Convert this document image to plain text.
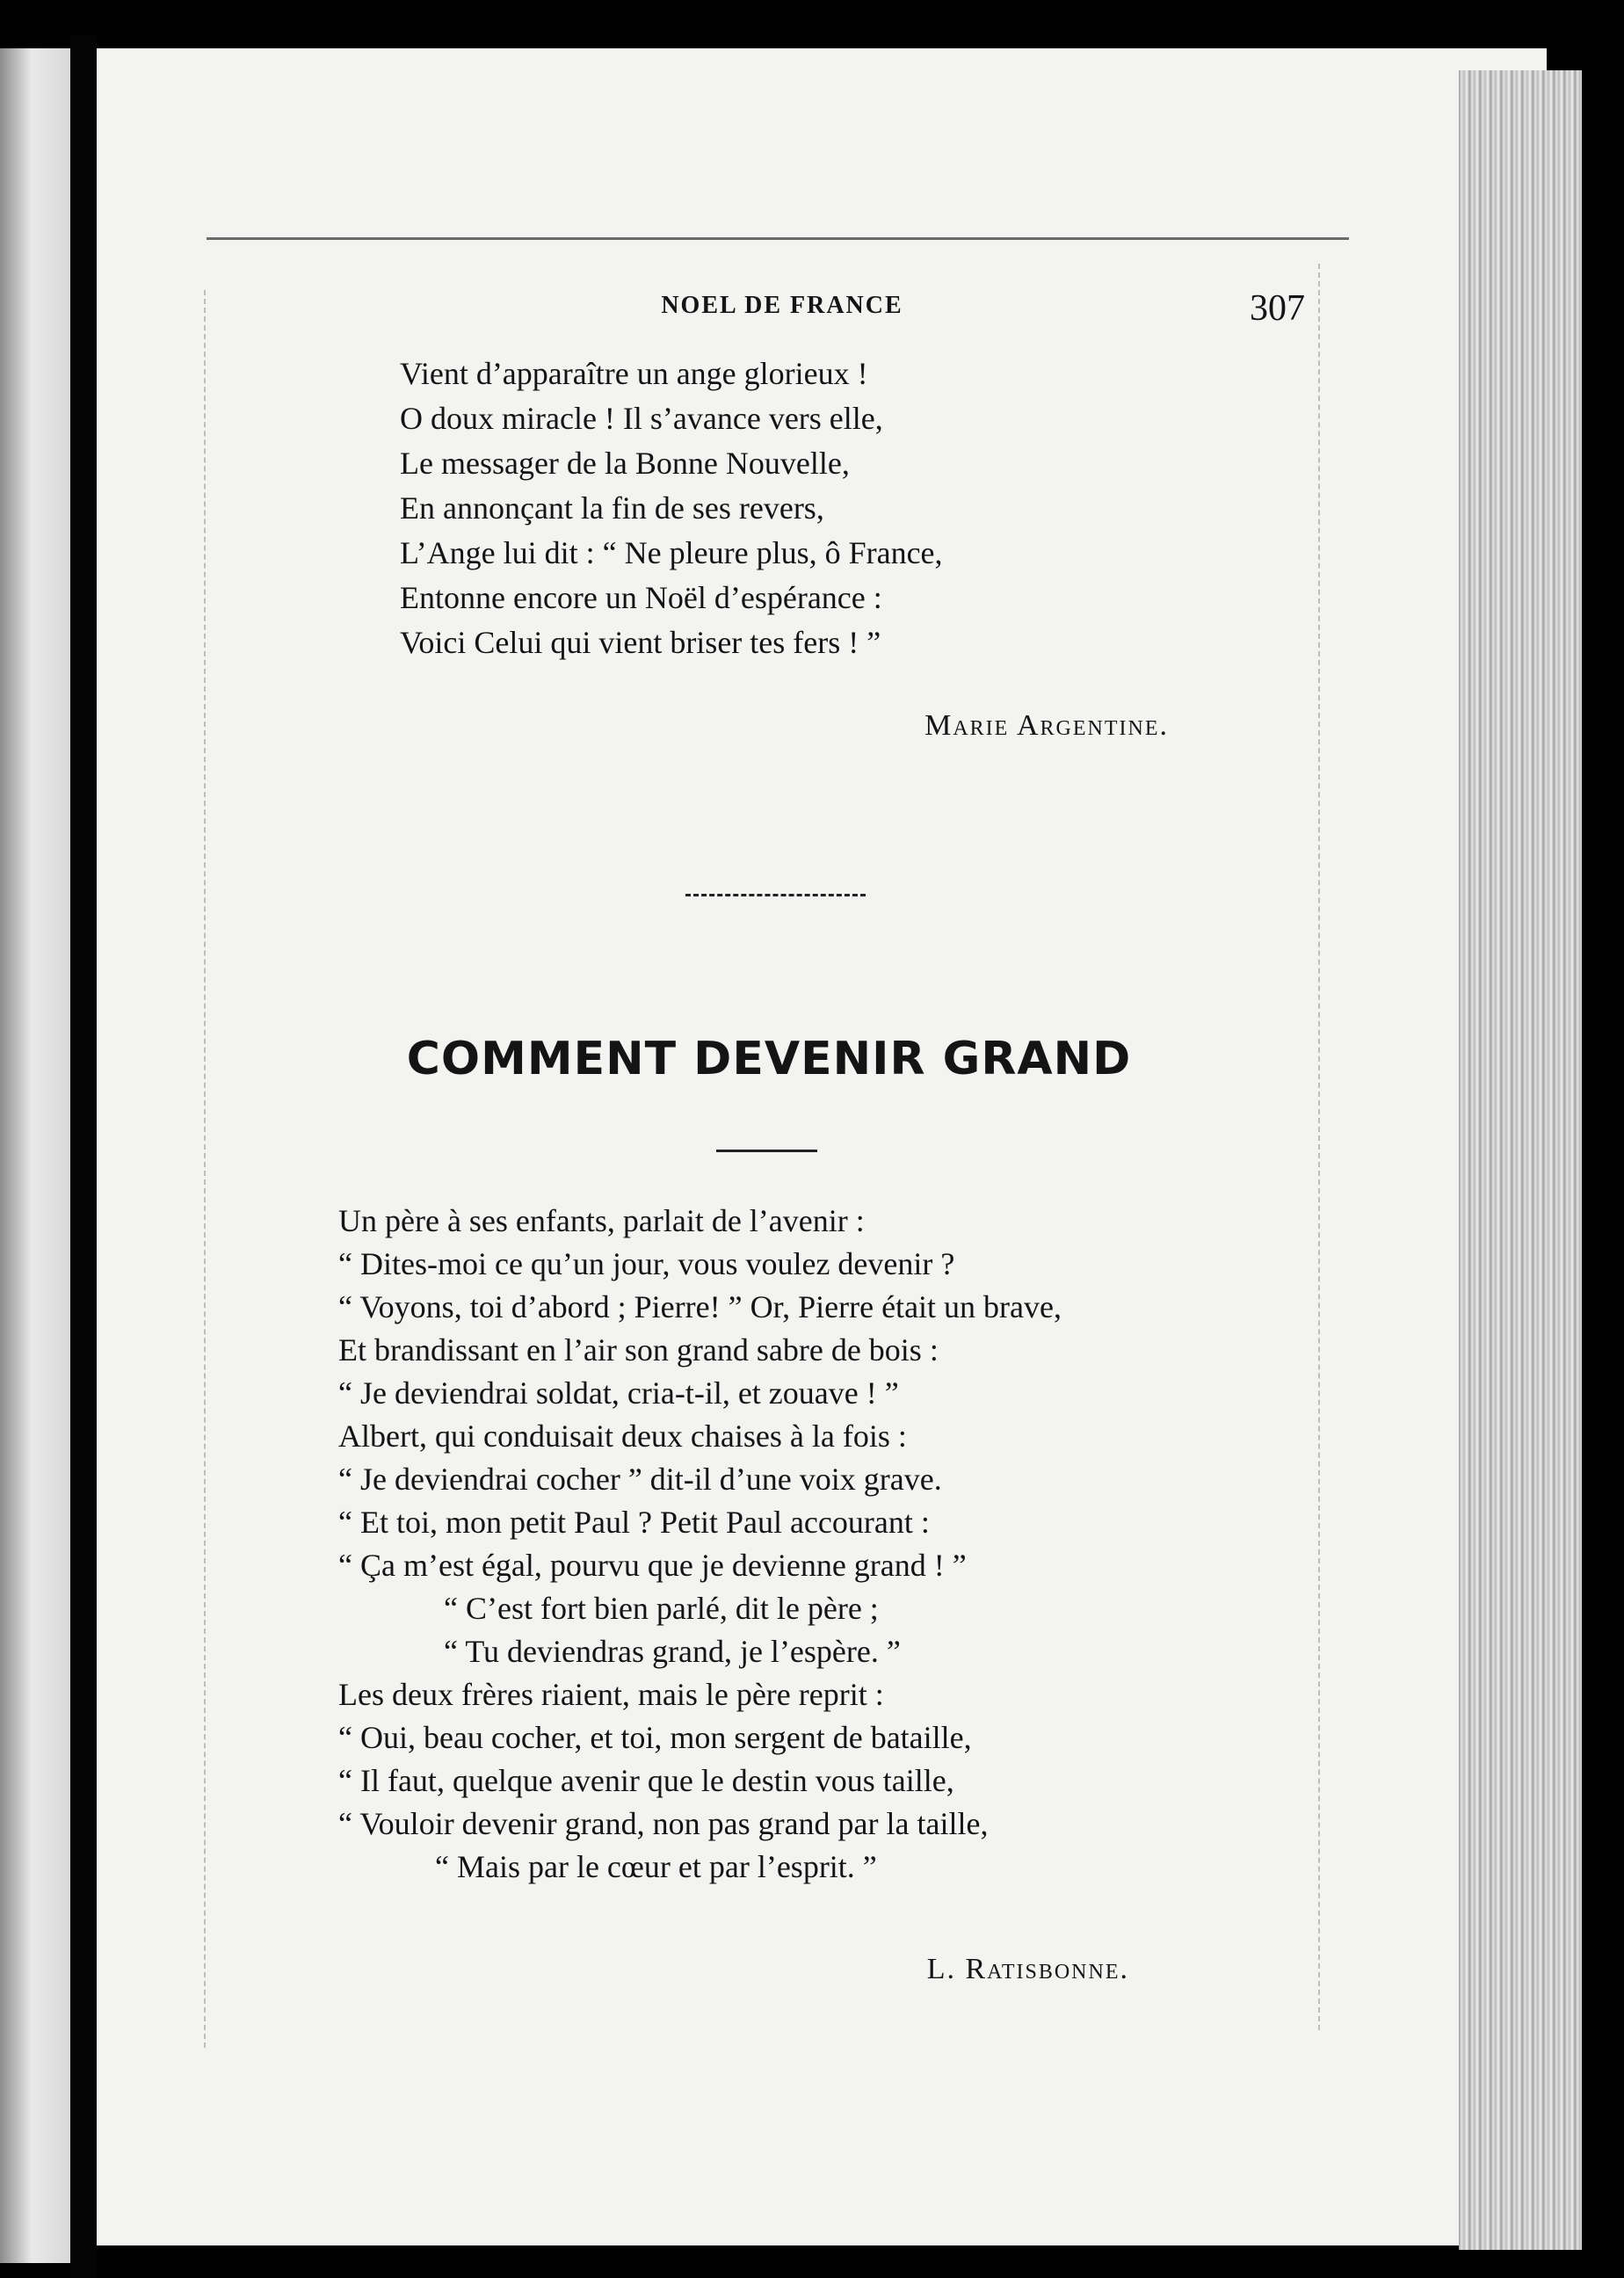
NOEL DE FRANCE	307
Vient d’apparaître un ange glorieux !
O doux miracle ! Il s’avance vers elle,
Le messager de la Bonne Nouvelle,
En annonçant la fin de ses revers,
L’Ange lui dit : “ Ne pleure plus, ô France,
Entonne encore un Noël d’espérance :
Voici Celui qui vient briser tes fers ! ”
Marie Argentine.
COMMENT DEVENIR GRAND
Un père à ses enfants, parlait de l’avenir :
“ Dites-moi ce qu’un jour, vous voulez devenir ?
“ Voyons, toi d’abord ; Pierre! ” Or, Pierre était un brave,
Et brandissant en l’air son grand sabre de bois :
“ Je deviendrai soldat, cria-t-il, et zouave ! ”
Albert, qui conduisait deux chaises à la fois :
“ Je deviendrai cocher ” dit-il d’une voix grave.
“ Et toi, mon petit Paul ? Petit Paul accourant :
“ Ça m’est égal, pourvu que je devienne grand ! ”
“ C’est fort bien parlé, dit le père ;
“ Tu deviendras grand, je l’espère. ”
Les deux frères riaient, mais le père reprit :
“ Oui, beau cocher, et toi, mon sergent de bataille,
“ Il faut, quelque avenir que le destin vous taille,
“ Vouloir devenir grand, non pas grand par la taille,
“ Mais par le cœur et par l’esprit. ”
L. Ratisbonne.
